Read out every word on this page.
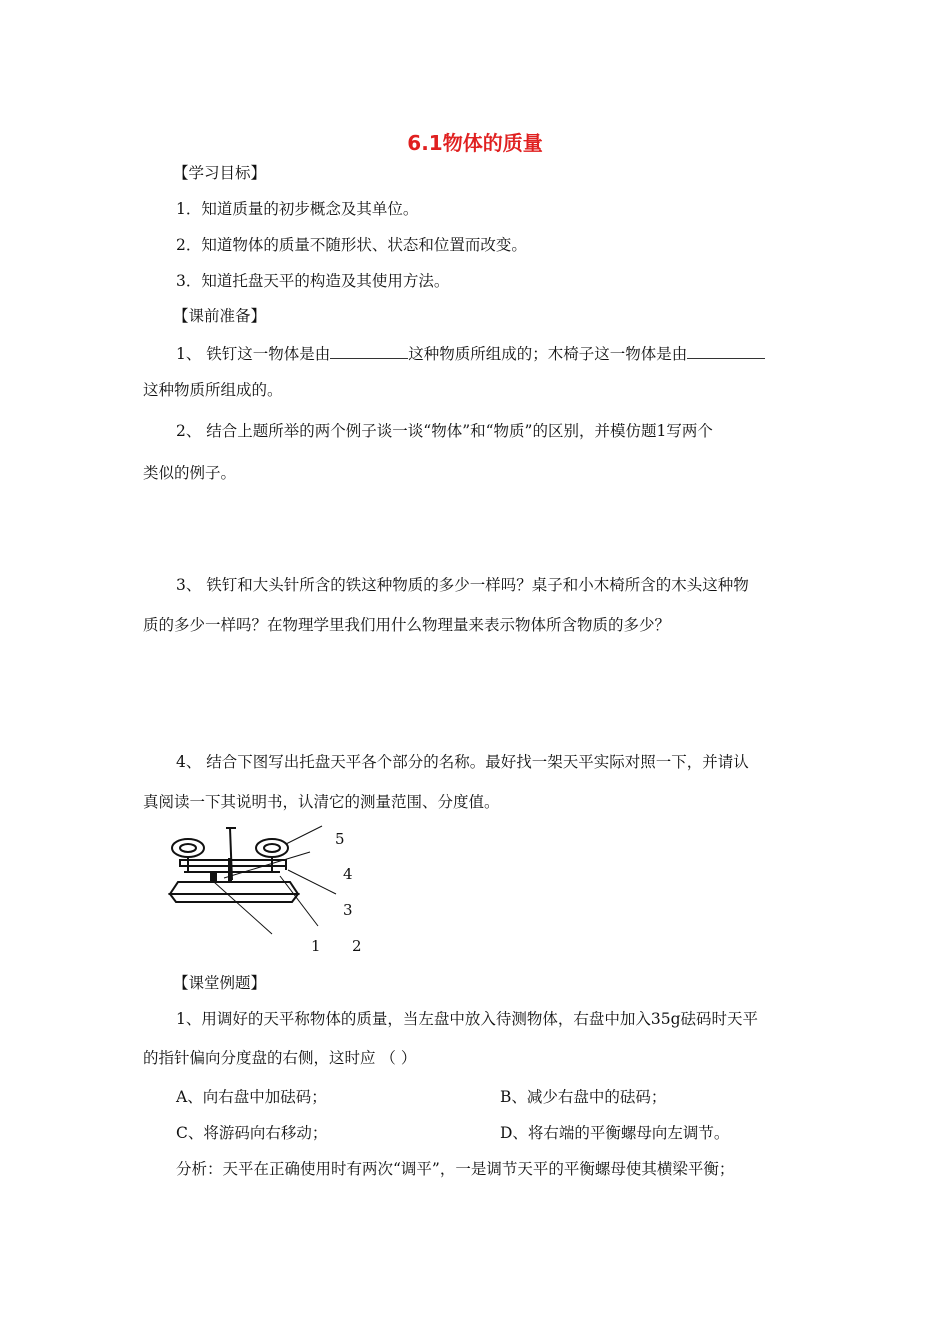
6.1物体的质量
【学习目标】
1．知道质量的初步概念及其单位。
2．知道物体的质量不随形状、状态和位置而改变。
3．知道托盘天平的构造及其使用方法。
【课前准备】
1、 铁钉这一物体是由	这种物质所组成的；木椅子这一物体是由
这种物质所组成的。
2、 结合上题所举的两个例子谈一谈“物体”和“物质”的区别，并模仿题1写两个
类似的例子。
3、 铁钉和大头针所含的铁这种物质的多少一样吗？桌子和小木椅所含的木头这种物
质的多少一样吗？在物理学里我们用什么物理量来表示物体所含物质的多少？
4、 结合下图写出托盘天平各个部分的名称。最好找一架天平实际对照一下，并请认
真阅读一下其说明书，认清它的测量范围、分度值。
5
4
3
1 2
【课堂例题】
1、用调好的天平称物体的质量，当左盘中放入待测物体，右盘中加入35g砝码时天平
的指针偏向分度盘的右侧，这时应 （ ）
A、向右盘中加砝码；	B、减少右盘中的砝码；
C、将游码向右移动；	D、将右端的平衡螺母向左调节。
分析：天平在正确使用时有两次“调平”，一是调节天平的平衡螺母使其横梁平衡；
